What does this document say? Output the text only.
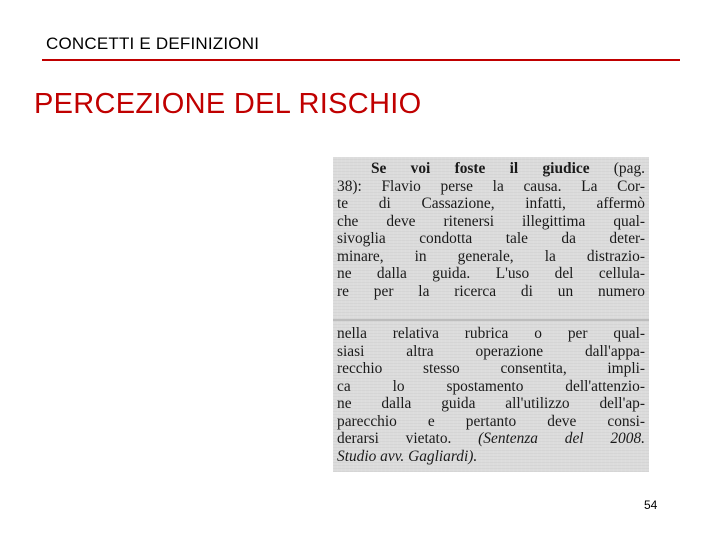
CONCETTI E DEFINIZIONI
PERCEZIONE DEL RISCHIO
Se voi foste il giudice (pag.
38): Flavio perse la causa. La Cor-
te di Cassazione, infatti, affermò
che deve ritenersi illegittima qual-
sivoglia condotta tale da deter-
minare, in generale, la distrazio-
ne dalla guida. L'uso del cellula-
re per la ricerca di un numero
nella relativa rubrica o per qual-
siasi altra operazione dall'appa-
recchio stesso consentita, impli-
ca lo spostamento dell'attenzio-
ne dalla guida all'utilizzo dell'ap-
parecchio e pertanto deve consi-
derarsi vietato. (Sentenza del 2008.
Studio avv. Gagliardi).
54
